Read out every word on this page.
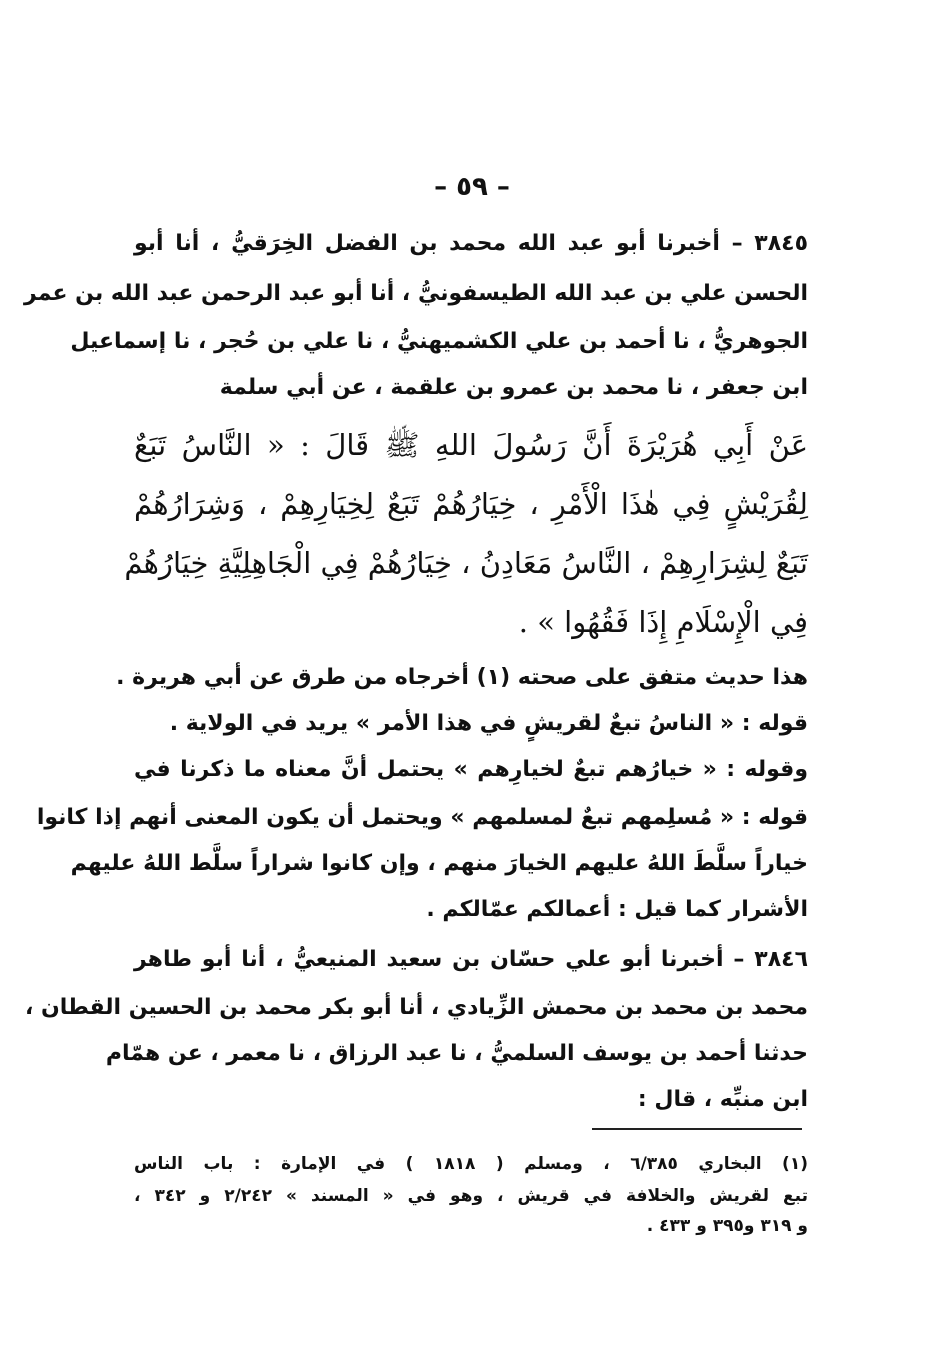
– ٥٩ –
٣٨٤٥ – أخبرنا أبو عبد الله محمد بن الفضل الخِرَقيُّ ، أنا أبو
الحسن علي بن عبد الله الطيسفونيُّ ، أنا أبو عبد الرحمن عبد الله بن عمر
الجوهريُّ ، نا أحمد بن علي الكشميهنيُّ ، نا علي بن حُجر ، نا إسماعيل
ابن جعفر ، نا محمد بن عمرو بن علقمة ، عن أبي سلمة
عَنْ أَبِي هُرَيْرَةَ أَنَّ رَسُولَ اللهِ ﷺ قَالَ : « النَّاسُ تَبَعٌ
لِقُرَيْشٍ فِي هٰذَا الْأَمْرِ ، خِيَارُهُمْ تَبَعٌ لِخِيَارِهِمْ ، وَشِرَارُهُمْ
تَبَعٌ لِشِرَارِهِمْ ، النَّاسُ مَعَادِنُ ، خِيَارُهُمْ فِي الْجَاهِلِيَّةِ خِيَارُهُمْ
فِي الْإِسْلَامِ إِذَا فَقُهُوا » .
هذا حديث متفق على صحته (١) أخرجاه من طرق عن أبي هريرة .
قوله : « الناسُ تبعٌ لقريشٍ في هذا الأمر » يريد في الولاية .
وقوله : « خيارُهم تبعٌ لخيارِهم » يحتمل أنَّ معناه ما ذكرنا في
قوله : « مُسلِمهم تبعٌ لمسلمهم » ويحتمل أن يكون المعنى أنهم إذا كانوا
خياراً سلَّطَ اللهُ عليهم الخيارَ منهم ، وإن كانوا شراراً سلَّط اللهُ عليهم
الأشرار كما قيل : أعمالكم عمّالكم .
٣٨٤٦ – أخبرنا أبو علي حسّان بن سعيد المنيعيُّ ، أنا أبو طاهر
محمد بن محمد بن محمش الزِّيادي ، أنا أبو بكر محمد بن الحسين القطان ،
حدثنا أحمد بن يوسف السلميُّ ، نا عبد الرزاق ، نا معمر ، عن همّام
ابن منبِّه ، قال :
(١) البخاري ٦/٣٨٥ ، ومسلم ( ١٨١٨ ) في الإمارة : باب الناس
تبع لقريش والخلافة في قريش ، وهو في « المسند » ٢/٢٤٢ و ٣٤٢ ،
و ٣١٩ و٣٩٥ و ٤٣٣ .
